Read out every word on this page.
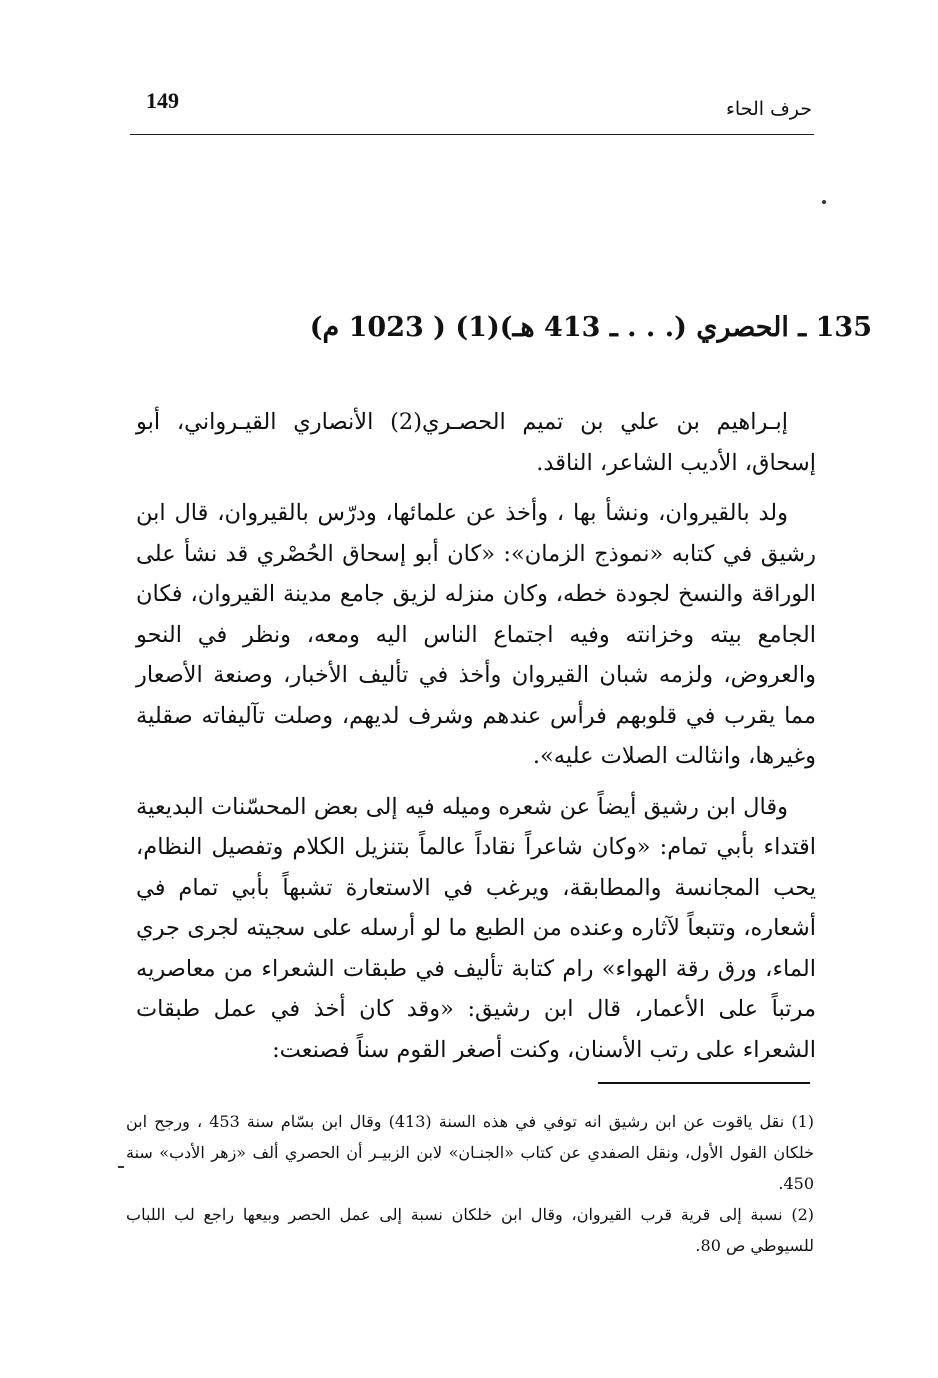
149	حرف الحاء
135 ـ الحصري (. . . ـ 413 هـ)(1) ( 1023 م)

إبـراهيم بن علي بن تميم الحصـري(2) الأنصاري القيـرواني، أبو إسحاق، الأديب الشاعر، الناقد.

ولد بالقيروان، ونشأ بها ، وأخذ عن علمائها، ودرّس بالقيروان، قال ابن رشيق في كتابه «نموذج الزمان»: «كان أبو إسحاق الحُصْري قد نشأ على الوراقة والنسخ لجودة خطه، وكان منزله لزيق جامع مدينة القيروان، فكان الجامع بيته وخزانته وفيه اجتماع الناس اليه ومعه، ونظر في النحو والعروض، ولزمه شبان القيروان وأخذ في تأليف الأخبار، وصنعة الأصعار مما يقرب في قلوبهم فرأس عندهم وشرف لديهم، وصلت تآليفاته صقلية وغيرها، وانثالت الصلات عليه».

وقال ابن رشيق أيضاً عن شعره وميله فيه إلى بعض المحسّنات البديعية اقتداء بأبي تمام: «وكان شاعراً نقاداً عالماً بتنزيل الكلام وتفصيل النظام، يحب المجانسة والمطابقة، ويرغب في الاستعارة تشبهاً بأبي تمام في أشعاره، وتتبعاً لآثاره وعنده من الطبع ما لو أرسله على سجيته لجرى جري الماء، ورق رقة الهواء» رام كتابة تأليف في طبقات الشعراء من معاصريه مرتباً على الأعمار، قال ابن رشيق: «وقد كان أخذ في عمل طبقات الشعراء على رتب الأسنان، وكنت أصغر القوم سناً فصنعت:

(1) نقل ياقوت عن ابن رشيق انه توفي في هذه السنة (413) وقال ابن بسّام سنة 453 ، ورجح ابن خلكان القول الأول، ونقل الصفدي عن كتاب «الجنـان» لابن الزبيـر أن الحصري ألف «زهر الأدب» سنة 450.

(2) نسبة إلى قرية قرب القيروان، وقال ابن خلكان نسبة إلى عمل الحصر وبيعها راجع لب اللباب للسيوطي ص 80.
